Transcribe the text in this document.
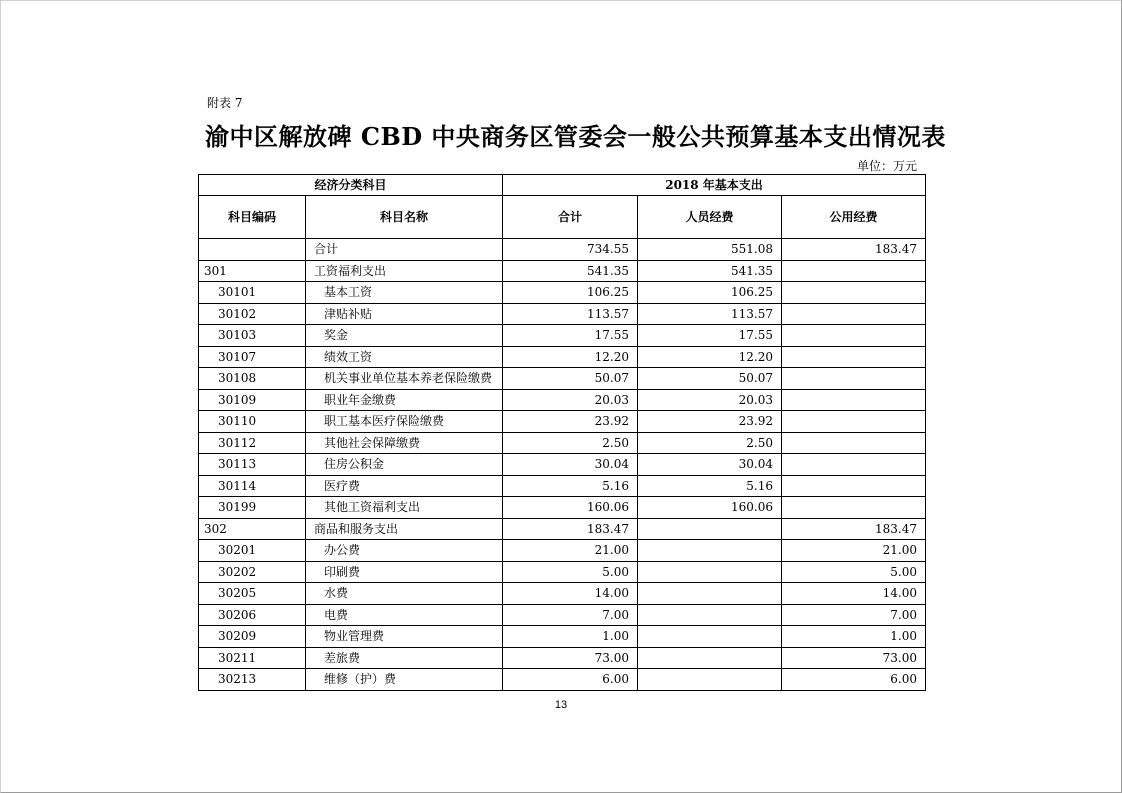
附表 7
渝中区解放碑 CBD 中央商务区管委会一般公共预算基本支出情况表
单位：万元
经济分类科目		2018 年基本支出		
科目编码	科目名称	合计	人员经费	公用经费
	合计	734.55	551.08	183.47
301	工资福利支出	541.35	541.35	
30101	基本工资	106.25	106.25	
30102	津贴补贴	113.57	113.57	
30103	奖金	17.55	17.55	
30107	绩效工资	12.20	12.20	
30108	机关事业单位基本养老保险缴费	50.07	50.07	
30109	职业年金缴费	20.03	20.03	
30110	职工基本医疗保险缴费	23.92	23.92	
30112	其他社会保障缴费	2.50	2.50	
30113	住房公积金	30.04	30.04	
30114	医疗费	5.16	5.16	
30199	其他工资福利支出	160.06	160.06	
302	商品和服务支出	183.47		183.47
30201	办公费	21.00		21.00
30202	印刷费	5.00		5.00
30205	水费	14.00		14.00
30206	电费	7.00		7.00
30209	物业管理费	1.00		1.00
30211	差旅费	73.00		73.00
30213	维修（护）费	6.00		6.00
13
